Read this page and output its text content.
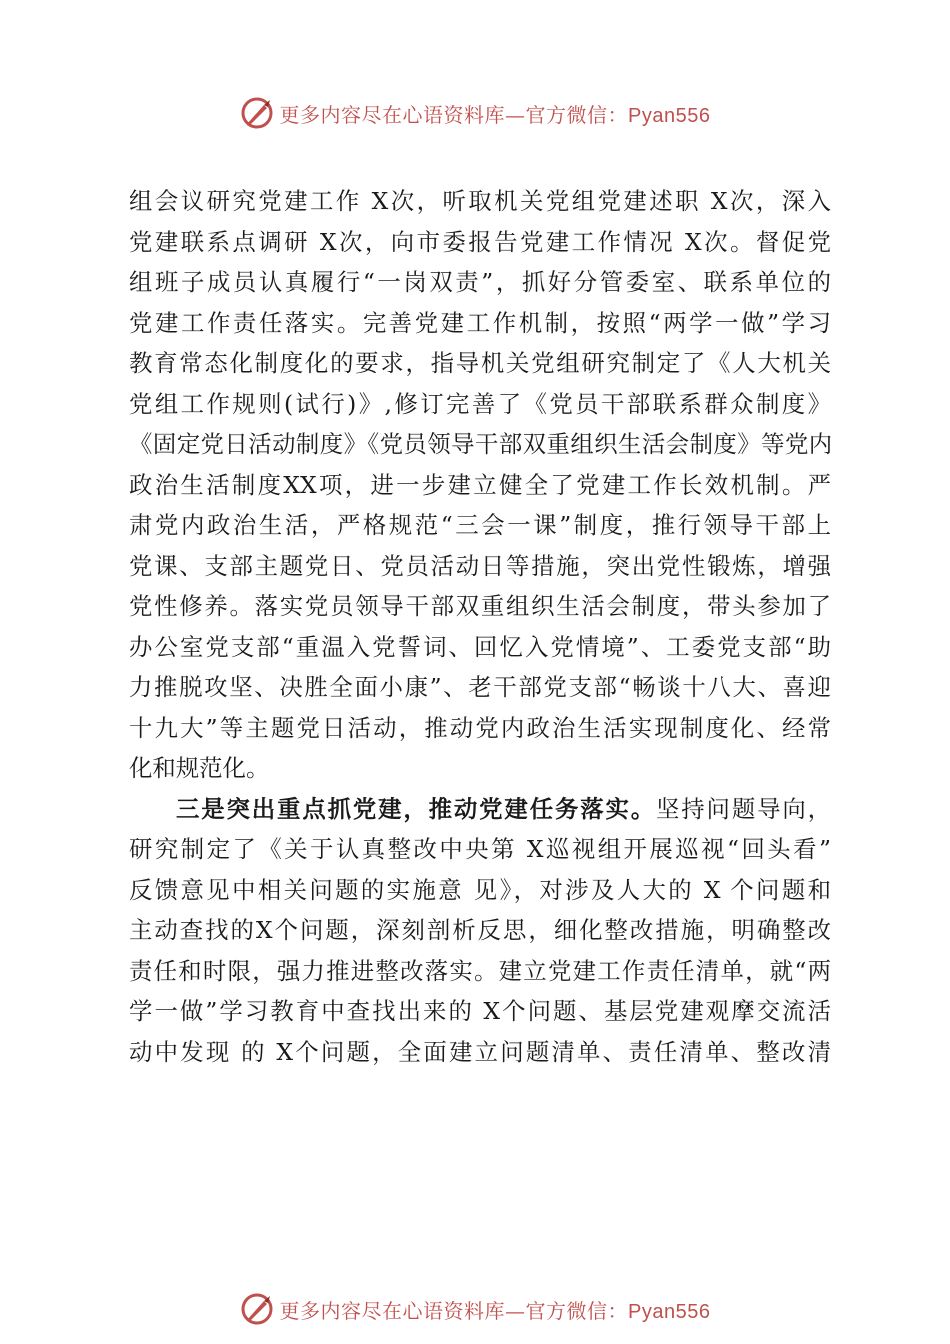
更多内容尽在心语资料库—官方微信：Pyan556
组会议研究党建工作 X次，听取机关党组党建述职 X次，深入
党建联系点调研 X次，向市委报告党建工作情况 X次。督促党
组班子成员认真履行“一岗双责”，抓好分管委室、联系单位的
党建工作责任落实。完善党建工作机制，按照“两学一做”学习
教育常态化制度化的要求，指导机关党组研究制定了《人大机关
党组工作规则(试行)》,修订完善了《党员干部联系群众制度》
《固定党日活动制度》《党员领导干部双重组织生活会制度》等党内
政治生活制度XX项，进一步建立健全了党建工作长效机制。严
肃党内政治生活，严格规范“三会一课”制度，推行领导干部上
党课、支部主题党日、党员活动日等措施，突出党性锻炼，增强
党性修养。落实党员领导干部双重组织生活会制度，带头参加了
办公室党支部“重温入党誓词、回忆入党情境”、工委党支部“助
力推脱攻坚、决胜全面小康”、老干部党支部“畅谈十八大、喜迎
十九大”等主题党日活动，推动党内政治生活实现制度化、经常
化和规范化。
三是突出重点抓党建，推动党建任务落实。坚持问题导向，
研究制定了《关于认真整改中央第 X巡视组开展巡视“回头看”
反馈意见中相关问题的实施意 见》，对涉及人大的 X 个问题和
主动查找的X个问题，深刻剖析反思，细化整改措施，明确整改
责任和时限，强力推进整改落实。建立党建工作责任清单，就“两
学一做”学习教育中查找出来的 X个问题、基层党建观摩交流活
动中发现 的 X个问题，全面建立问题清单、责任清单、整改清
更多内容尽在心语资料库—官方微信：Pyan556
